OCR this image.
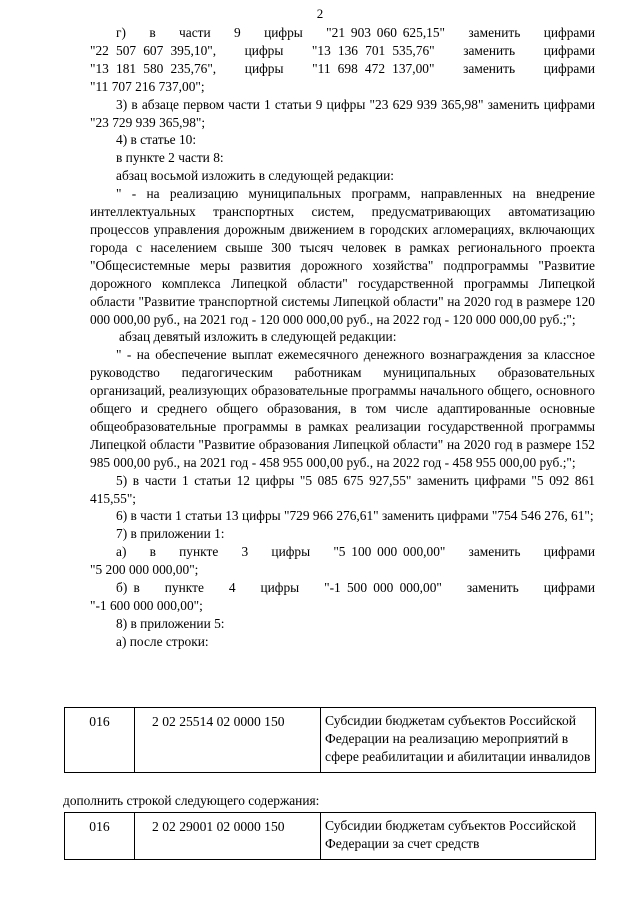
2

г)    в    части    9    цифры    "21 903 060 625,15"    заменить    цифрами

"22 507 607 395,10",    цифры    "13 136 701 535,76"    заменить    цифрами

"13 181 580 235,76",    цифры    "11 698 472 137,00"    заменить    цифрами

"11 707 216 737,00";

3) в абзаце первом части 1 статьи 9 цифры "23 629 939 365,98" заменить цифрами "23 729 939 365,98";

4) в статье 10:

в пункте 2 части 8:

абзац восьмой изложить в следующей редакции:

" - на реализацию муниципальных программ, направленных на внедрение интеллектуальных транспортных систем, предусматривающих автоматизацию процессов управления дорожным движением в городских агломерациях, включающих города с населением свыше 300 тысяч человек в рамках регионального проекта "Общесистемные меры развития дорожного хозяйства" подпрограммы "Развитие дорожного комплекса Липецкой области" государственной программы Липецкой области "Развитие транспортной системы Липецкой области" на 2020 год в размере 120 000 000,00 руб., на 2021 год - 120 000 000,00 руб., на 2022 год - 120 000 000,00 руб.;";

абзац девятый изложить в следующей редакции:

" - на обеспечение выплат ежемесячного денежного вознаграждения за классное руководство педагогическим работникам муниципальных образовательных организаций, реализующих образовательные программы начального общего, основного общего и среднего общего образования, в том числе адаптированные основные общеобразовательные программы в рамках реализации государственной программы Липецкой области "Развитие образования Липецкой области" на 2020 год в размере 152 985 000,00 руб., на 2021 год - 458 955 000,00 руб., на 2022 год - 458 955 000,00 руб.;";

5) в части 1 статьи 12 цифры "5 085 675 927,55" заменить цифрами "5 092 861 415,55";

6) в части 1 статьи 13 цифры "729 966 276,61" заменить цифрами "754 546 276, 61";

7) в приложении 1:

а)    в    пункте    3    цифры    "5 100 000 000,00"    заменить    цифрами

"5 200 000 000,00";

б) в    пункте    4    цифры    "-1 500 000 000,00"    заменить    цифрами

"-1 600 000 000,00";

8) в приложении 5:

а) после строки:

016	2 02 25514 02 0000 150	Субсидии бюджетам субъектов Российской Федерации на реализацию мероприятий в сфере реабилитации и абилитации инвалидов
дополнить строкой следующего содержания:
016	2 02 29001 02 0000 150	Субсидии бюджетам субъектов Российской Федерации за счет средств
